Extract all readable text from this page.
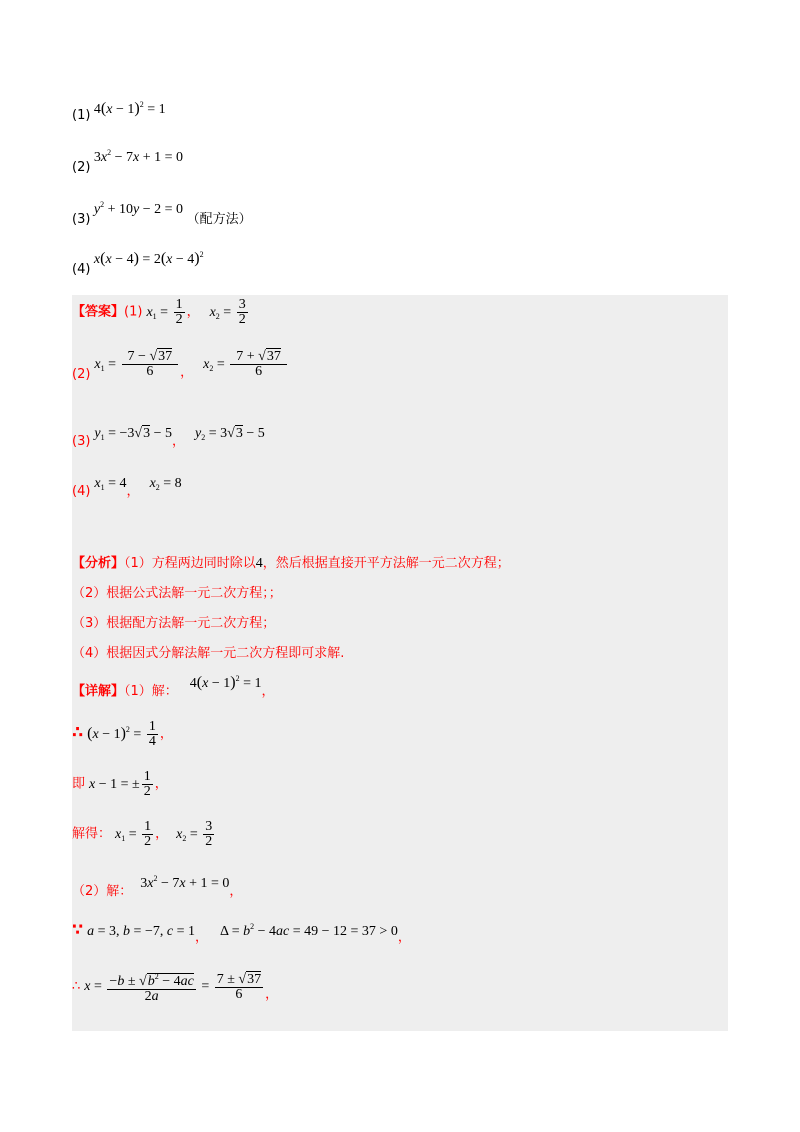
(1) $4(x - 1)^2 = 1$
(2) $3x^2 - 7x + 1 = 0$
(3) $y^2 + 10y - 2 = 0$ （配方法）
(4) $x(x - 4) = 2(x - 4)^2$
【答案】(1) $x_1 = \frac{1}{2}$ ， $x_2 = \frac{3}{2}$
$_{(2)}$ $x_1 = \frac{7 - √37}{6} _,$ $x_2 = \frac{7 + √37}{6}$
$_{(3)}$ $y_1 = -3√3 - 5_,$ $y_2 = 3√3 - 5$
$_{(4)}$ $x_1 = 4_,$ $x_2 = 8$
【分析】（1）方程两边同时除以4，然后根据直接开平方法解一元二次方程；
（2）根据公式法解一元二次方程；；
（3）根据配方法解一元二次方程；
（4）根据因式分解法解一元二次方程即可求解.
$_{【详解】(1)解:}$ $4(x - 1)^2 = 1_,$
∴ $(x - 1)^2 = \frac{1}{4}$ ，
即 x − 1 = ± $\frac{1}{2}$ ，
解得： $x_1 = \frac{1}{2}$ ， $x_2 = \frac{3}{2}$
$_{(2)解:}$ $3x^2 - 7x + 1 = 0_,$
∵ a = 3, b = −7, $c = 1_,$ $\Delta = b^2 - 4ac = 49 - 12 = 37 > 0_,$
∴ $x = \frac{-b \pm √b^2 - 4ac}{2a} = \frac{7 \pm √37}{6} _,$
